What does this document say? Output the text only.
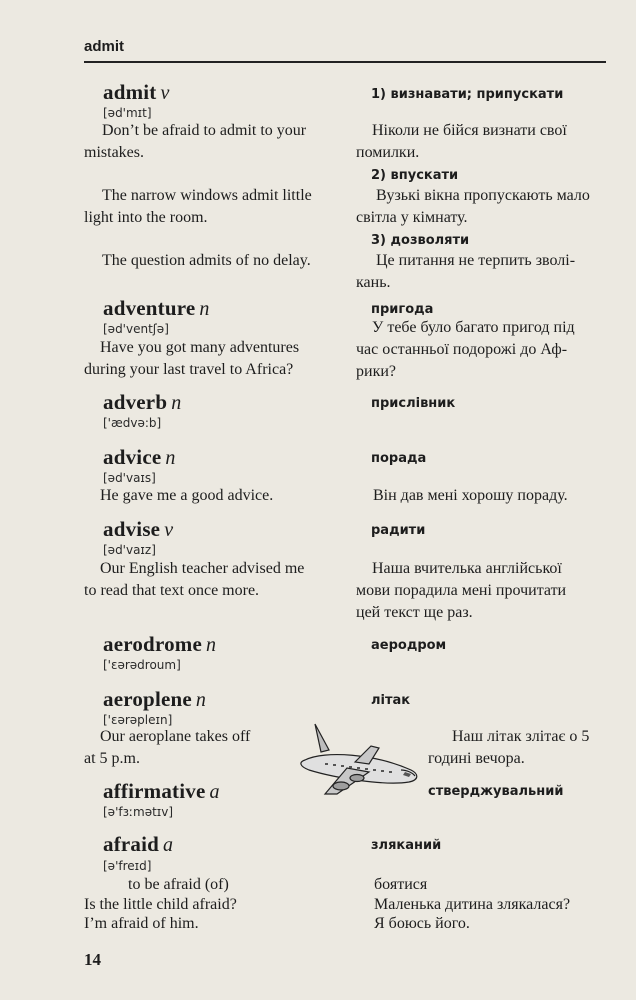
admit
admit v
[əd'mɪt]

Don’t be afraid to admit to your

mistakes.

The narrow windows admit little

light into the room.

The question admits of no delay.
1) визнавати; припускати

Ніколи не бійся визнати свої

помилки.

2) впускати

Вузькі вікна пропускають мало

світла у кімнату.

3) дозволяти

Це питання не терпить зволі-

кань.

adventure n
[əd'ventʃə]

Have you got many adventures

during your last travel to Africa?

пригода

У тебе було багато пригод під

час останньої подорожі до Аф-

рики?

adverb n
['ædvə:b]
прислівник
advice n
[əd'vaɪs]
He gave me a good advice.
порада
Він дав мені хорошу пораду.
advise v
[əd'vaɪz]

Our English teacher advised me

to read that text once more.

радити

Наша вчителька англійської

мови порадила мені прочитати

цей текст ще раз.

aerodrome n
['ɛərədroum]
аеродром
aeroplene n
['ɛərəpleɪn]

Our aeroplane takes off

at 5 p.m.

літак

Наш літак злітає о 5

годині вечора.

affirmative a
[ə'fɜːmətɪv]
стверджувальний
afraid a
[ə'freɪd]
to be afraid (of)
Is the little child afraid?
I’m afraid of him.
зляканий
боятися
Маленька дитина злякалася?
Я боюсь його.
14
